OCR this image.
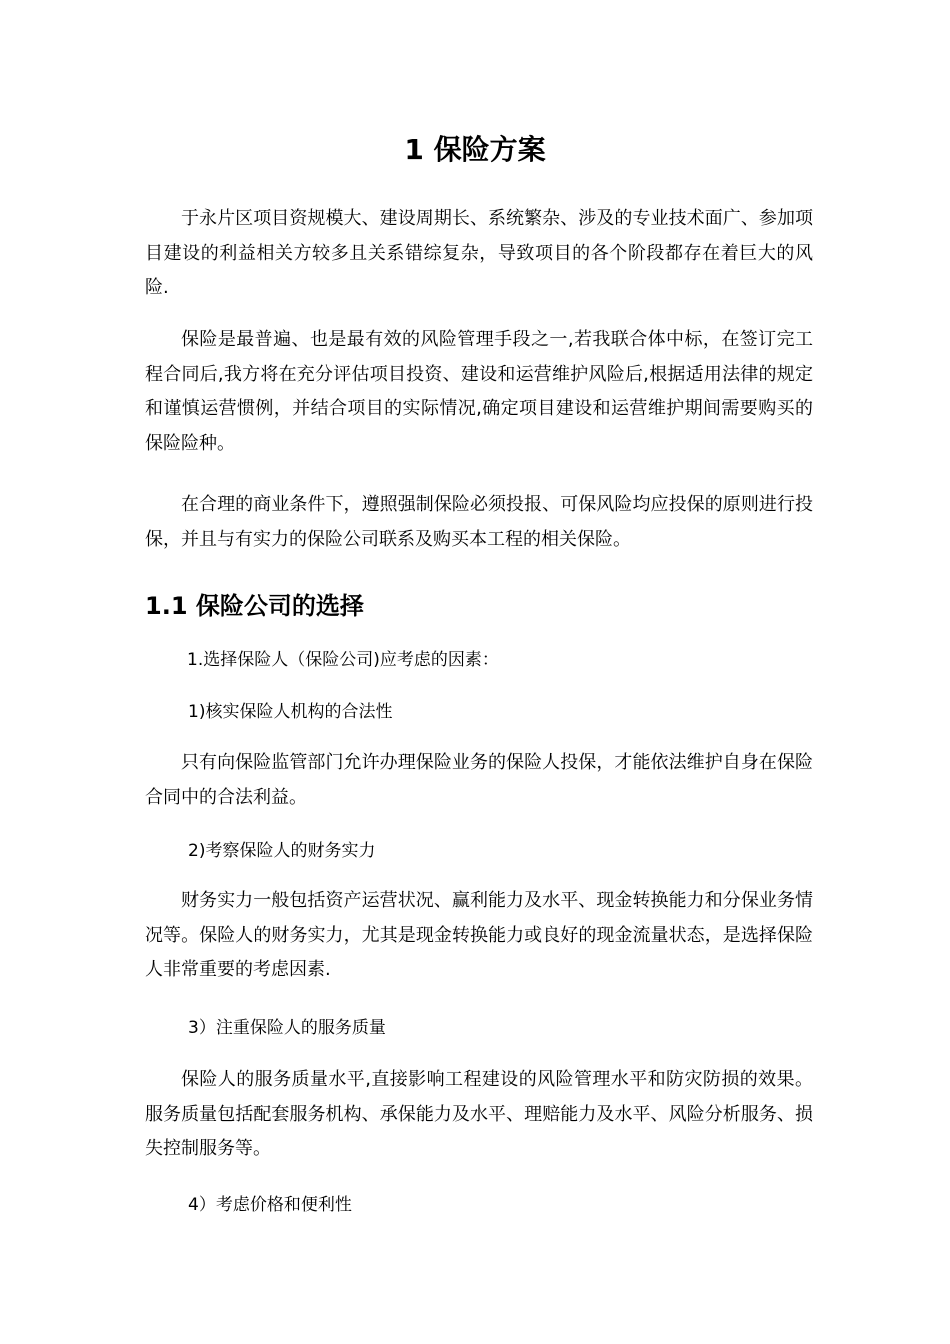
1 保险方案

于永片区项目资规模大、建设周期长、系统繁杂、涉及的专业技术面广、参加项目建设的利益相关方较多且关系错综复杂，导致项目的各个阶段都存在着巨大的风险.

保险是最普遍、也是最有效的风险管理手段之一,若我联合体中标，在签订完工程合同后,我方将在充分评估项目投资、建设和运营维护风险后,根据适用法律的规定和谨慎运营惯例，并结合项目的实际情况,确定项目建设和运营维护期间需要购买的保险险种。

在合理的商业条件下，遵照强制保险必须投报、可保风险均应投保的原则进行投保，并且与有实力的保险公司联系及购买本工程的相关保险。

1.1 保险公司的选择

1.选择保险人（保险公司)应考虑的因素：

1)核实保险人机构的合法性

只有向保险监管部门允许办理保险业务的保险人投保，才能依法维护自身在保险合同中的合法利益。

2)考察保险人的财务实力

财务实力一般包括资产运营状况、赢利能力及水平、现金转换能力和分保业务情况等。保险人的财务实力，尤其是现金转换能力或良好的现金流量状态，是选择保险人非常重要的考虑因素.

3）注重保险人的服务质量

保险人的服务质量水平,直接影响工程建设的风险管理水平和防灾防损的效果。服务质量包括配套服务机构、承保能力及水平、理赔能力及水平、风险分析服务、损失控制服务等。

4）考虑价格和便利性
